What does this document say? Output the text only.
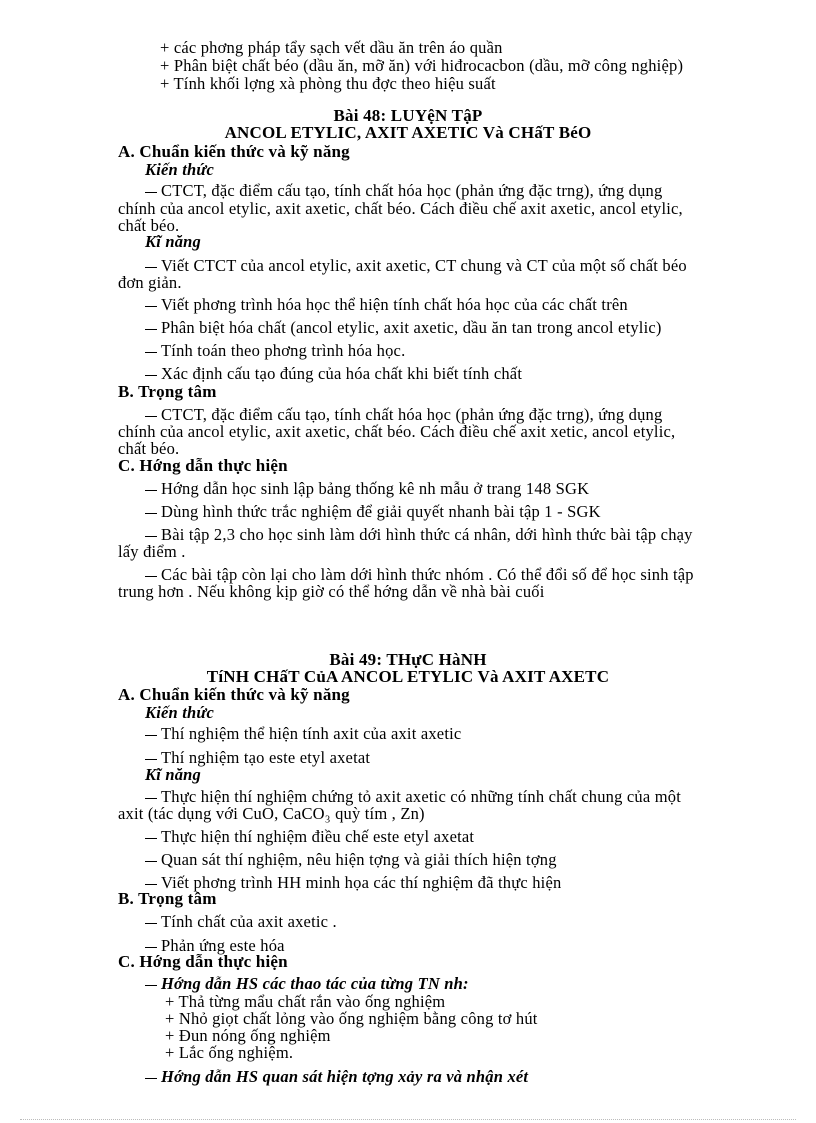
+ các phơng pháp tẩy sạch vết dầu ăn trên áo quần
+ Phân biệt chất béo (dầu ăn, mỡ ăn) với hiđrocacbon (dầu, mỡ công nghiệp)
+ Tính khối lợng xà phòng thu đợc theo hiệu suất
Bài 48: LUYệN TậP
ANCOL ETYLIC, AXIT AXETIC Và CHấT BéO
A. Chuẩn kiến thức và kỹ năng
Kiến thức
CTCT, đặc điểm cấu tạo, tính chất hóa học (phản ứng đặc trng), ứng dụng
chính của ancol etylic, axit axetic, chất béo. Cách điều chế axit axetic, ancol etylic,
chất béo.
Kĩ năng
Viết CTCT của ancol etylic, axit axetic, CT chung và CT của một số chất béo
đơn giản.
Viết phơng trình hóa học thể hiện tính chất hóa học của các chất trên
Phân biệt hóa chất (ancol etylic, axit axetic, dầu ăn tan trong ancol etylic)
Tính toán theo phơng trình hóa học.
Xác định cấu tạo đúng của hóa chất khi biết tính chất
B. Trọng tâm
CTCT, đặc điểm cấu tạo, tính chất hóa học (phản ứng đặc trng), ứng dụng
chính của ancol etylic, axit axetic, chất béo. Cách điều chế axit xetic, ancol etylic,
chất béo.
C. Hớng dẫn thực hiện
Hớng dẫn học sinh lập bảng thống kê nh mẫu ở trang 148 SGK
Dùng hình thức trắc nghiệm để giải quyết nhanh bài tập 1 - SGK
Bài tập 2,3 cho học sinh làm dới hình thức cá nhân, dới hình thức bài tập chạy
lấy điểm .
Các bài tập còn lại cho làm dới hình thức nhóm . Có thể đổi số để học sinh tập
trung hơn . Nếu không kịp giờ có thể hớng dẫn về nhà bài cuối
Bài 49: THựC HàNH
TíNH CHấT CủA ANCOL ETYLIC Và AXIT AXETC
A. Chuẩn kiến thức và kỹ năng
Kiến thức
Thí nghiệm thể hiện tính axit của axit axetic
Thí nghiệm tạo este etyl axetat
Kĩ năng
Thực hiện thí nghiệm chứng tỏ axit axetic có những tính chất chung của một
axit (tác dụng với CuO, CaCO₃ quỳ tím , Zn)
Thực hiện thí nghiệm điều chế este etyl axetat
Quan sát thí nghiệm, nêu hiện tợng và giải thích hiện tợng
Viết phơng trình HH minh họa các thí nghiệm đã thực hiện
B. Trọng tâm
Tính chất của axit axetic .
Phản ứng este hóa
C. Hớng dẫn thực hiện
Hớng dẫn HS các thao tác của từng TN nh:
+ Thả từng mẩu chất rắn vào ống nghiệm
+ Nhỏ giọt chất lỏng vào ống nghiệm bằng công tơ hút
+ Đun nóng ống nghiệm
+ Lắc ống nghiệm.
Hớng dẫn HS quan sát hiện tợng xảy ra và nhận xét
